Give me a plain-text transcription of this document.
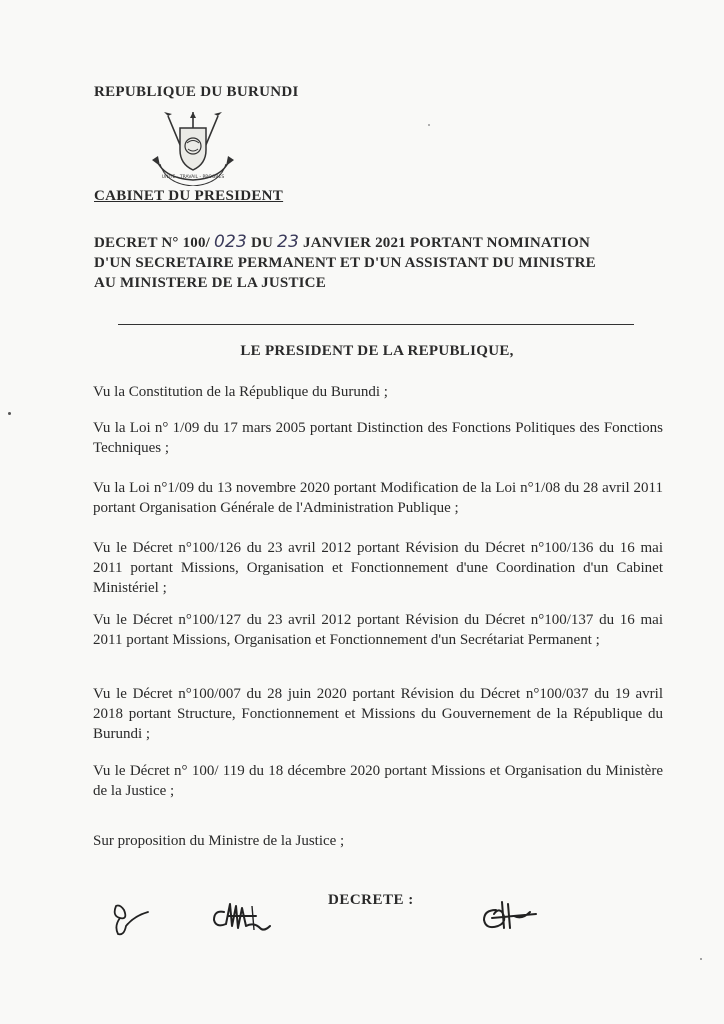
REPUBLIQUE DU BURUNDI
UNITE - TRAVAIL - PROGRES
CABINET DU PRESIDENT
DECRET N° 100/ 023 DU 23 JANVIER 2021 PORTANT NOMINATION
D'UN SECRETAIRE PERMANENT ET D'UN ASSISTANT DU MINISTRE
AU MINISTERE DE LA JUSTICE
LE PRESIDENT DE LA REPUBLIQUE,
Vu la Constitution de la République du Burundi ;
Vu la Loi n° 1/09 du 17 mars 2005 portant Distinction des Fonctions Politiques des Fonctions Techniques ;
Vu la Loi n°1/09 du 13 novembre 2020 portant Modification de la Loi n°1/08 du 28 avril 2011 portant Organisation Générale de l'Administration Publique ;
Vu le Décret n°100/126 du 23 avril 2012 portant Révision du Décret n°100/136 du 16 mai 2011 portant Missions, Organisation et Fonctionnement d'une Coordination d'un Cabinet Ministériel ;
Vu le Décret n°100/127 du 23 avril 2012 portant Révision du Décret n°100/137 du 16 mai 2011 portant Missions, Organisation et Fonctionnement d'un Secrétariat Permanent ;
Vu le Décret n°100/007 du 28 juin 2020 portant Révision du Décret n°100/037 du 19 avril 2018 portant Structure, Fonctionnement et Missions du Gouvernement de la République du Burundi ;
Vu le Décret n° 100/ 119 du 18 décembre 2020 portant Missions et Organisation du Ministère de la Justice ;
Sur proposition du Ministre de la Justice ;
DECRETE :
